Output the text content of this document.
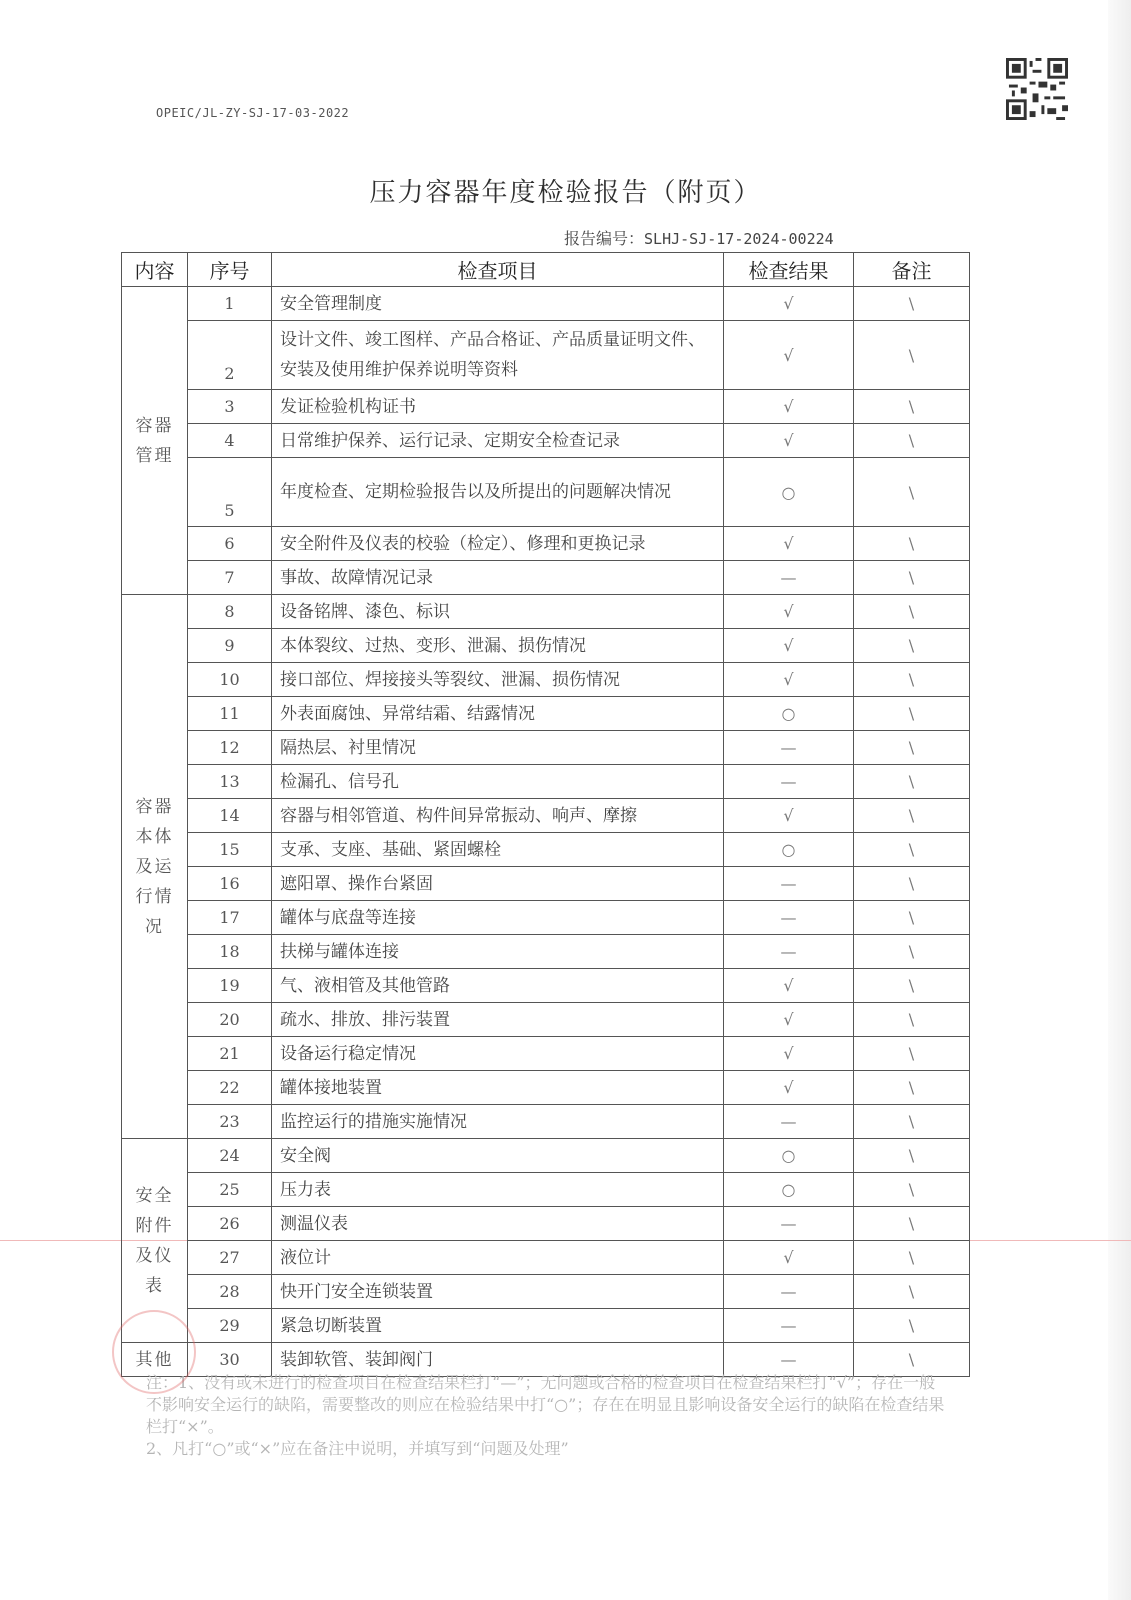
OPEIC/JL-ZY-SJ-17-03-2022
压力容器年度检验报告（附页）
报告编号：SLHJ-SJ-17-2024-00224
内容	序号	检查项目	检查结果	备注

容器管理	1	安全管理制度	√	\
	2	设计文件、竣工图样、产品合格证、产品质量证明文件、安装及使用维护保养说明等资料	√	\
	3	发证检验机构证书	√	\
	4	日常维护保养、运行记录、定期安全检查记录	√	\
	5	年度检查、定期检验报告以及所提出的问题解决情况	○	\
	6	安全附件及仪表的校验（检定）、修理和更换记录	√	\
	7	事故、故障情况记录	—	\

容器本体及运行情况	8	设备铭牌、漆色、标识	√	\
	9	本体裂纹、过热、变形、泄漏、损伤情况	√	\
	10	接口部位、焊接接头等裂纹、泄漏、损伤情况	√	\
	11	外表面腐蚀、异常结霜、结露情况	○	\
	12	隔热层、衬里情况	—	\
	13	检漏孔、信号孔	—	\
	14	容器与相邻管道、构件间异常振动、响声、摩擦	√	\
	15	支承、支座、基础、紧固螺栓	○	\
	16	遮阳罩、操作台紧固	—	\
	17	罐体与底盘等连接	—	\
	18	扶梯与罐体连接	—	\
	19	气、液相管及其他管路	√	\
	20	疏水、排放、排污装置	√	\
	21	设备运行稳定情况	√	\
	22	罐体接地装置	√	\
	23	监控运行的措施实施情况	—	\

安全附件及仪表	24	安全阀	○	\
	25	压力表	○	\
	26	测温仪表	—	\
	27	液位计	√	\
	28	快开门安全连锁装置	—	\
	29	紧急切断装置	—	\

其他	30	装卸软管、装卸阀门	—	\

注：1、没有或未进行的检查项目在检查结果栏打“—”；无问题或合格的检查项目在检查结果栏打“√”；存在一般不影响安全运行的缺陷，需要整改的则应在检验结果中打“○”；存在在明显且影响设备安全运行的缺陷在检查结果栏打“×”。

2、凡打“○”或“×”应在备注中说明，并填写到“问题及处理”
